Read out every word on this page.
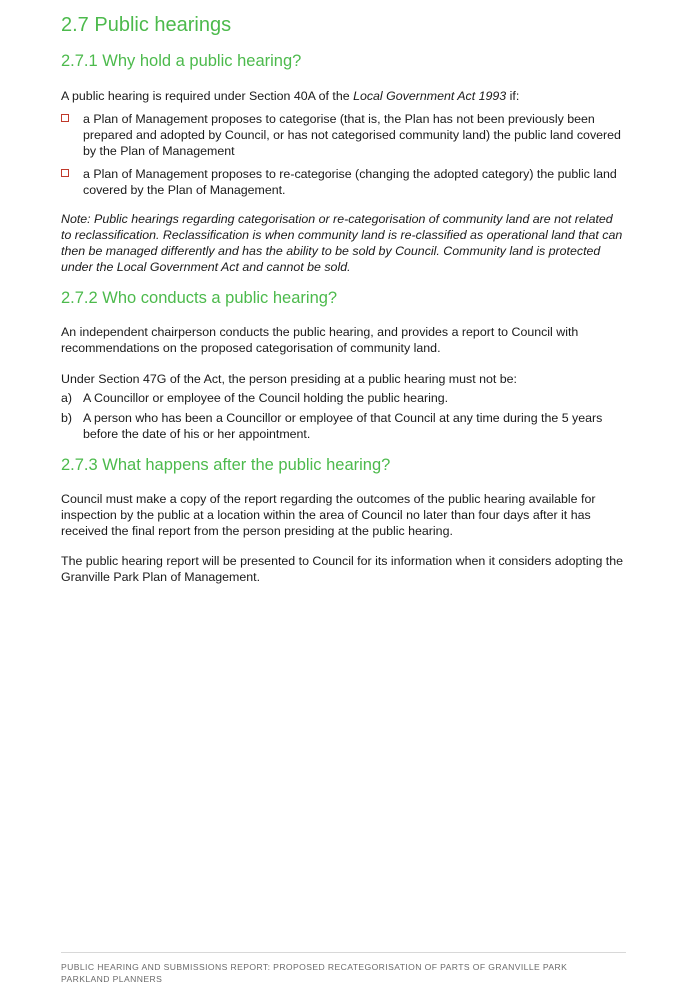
2.7 Public hearings
2.7.1 Why hold a public hearing?

A public hearing is required under Section 40A of the Local Government Act 1993 if:

a Plan of Management proposes to categorise (that is, the Plan has not been previously been prepared and adopted by Council, or has not categorised community land) the public land covered by the Plan of Management
a Plan of Management proposes to re-categorise (changing the adopted category) the public land covered by the Plan of Management.

Note: Public hearings regarding categorisation or re-categorisation of community land are not related to reclassification. Reclassification is when community land is re-classified as operational land that can then be managed differently and has the ability to be sold by Council. Community land is protected under the Local Government Act and cannot be sold.

2.7.2 Who conducts a public hearing?

An independent chairperson conducts the public hearing, and provides a report to Council with recommendations on the proposed categorisation of community land.

Under Section 47G of the Act, the person presiding at a public hearing must not be:

a) A Councillor or employee of the Council holding the public hearing.
b) A person who has been a Councillor or employee of that Council at any time during the 5 years before the date of his or her appointment.
2.7.3 What happens after the public hearing?

Council must make a copy of the report regarding the outcomes of the public hearing available for inspection by the public at a location within the area of Council no later than four days after it has received the final report from the person presiding at the public hearing.

The public hearing report will be presented to Council for its information when it considers adopting the Granville Park Plan of Management.

PUBLIC HEARING AND SUBMISSIONS REPORT: PROPOSED RECATEGORISATION OF PARTS OF GRANVILLE PARK
PARKLAND PLANNERS
